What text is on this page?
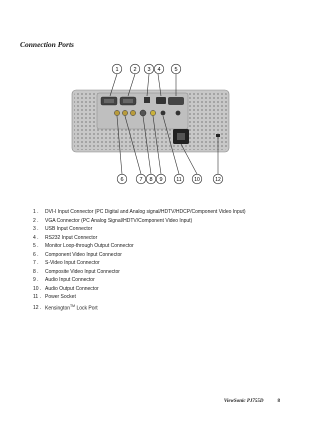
Connection Ports
1	2 3 4	5
6	7 8 9	11	10	12
1 . DVI-I Input Connector (PC Digital and Analog signal/HDTV/HDCP/Component Video Input)
2 . VGA Connector (PC Analog Signal/HDTV/Component Video Input)
3 . USB Input Connector
4 . RS232 Input Connector
5 . Monitor Loop-through Output Connector
6 . Component Video Input Connector
7 . S-Video Input Connector
8 . Composite Video Input Connector
9 . Audio Input Connector
10 . Audio Output Connector
11 . Power Socket
12 . Kensington™ Lock Port
ViewSonic PJ755D	8
